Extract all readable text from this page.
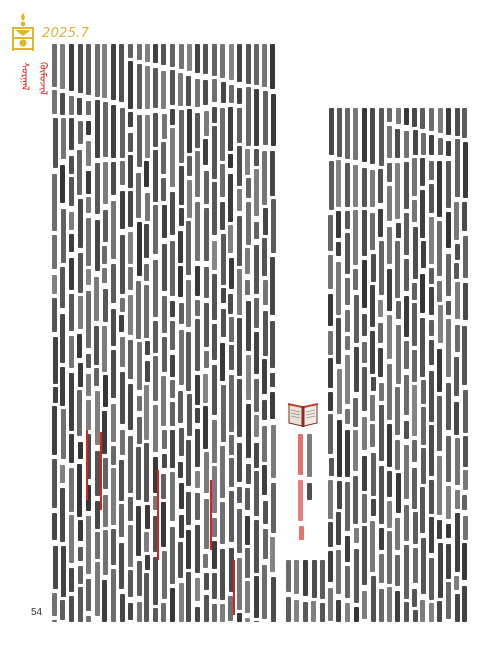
2025.7
ᠰᠤᠷᠭᠠᠯ ᠬᠦᠮᠦᠵᠢᠯ
54
